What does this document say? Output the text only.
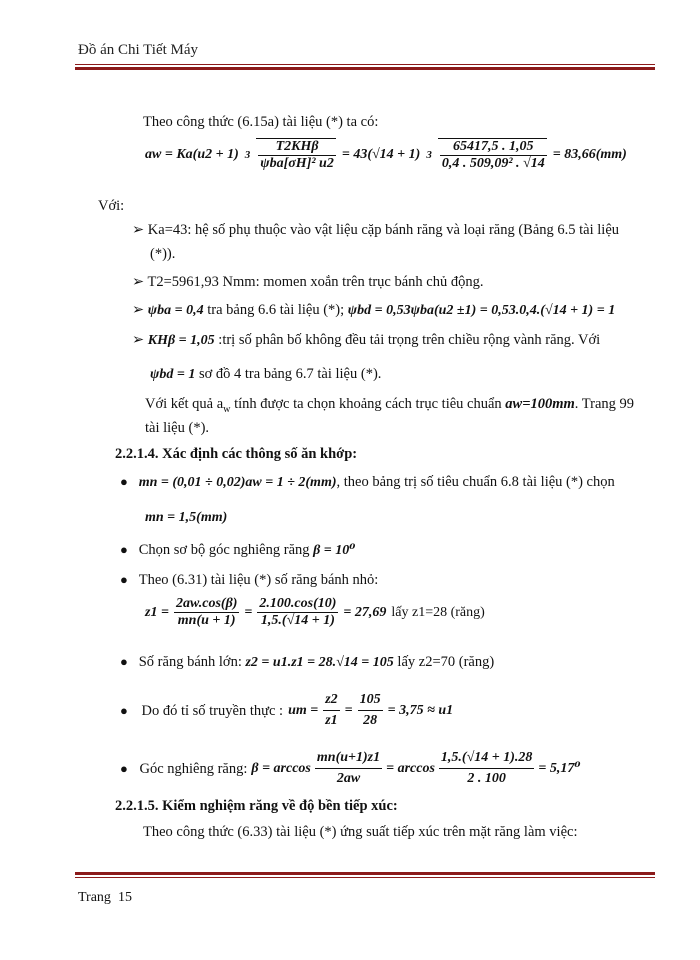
Đồ án Chi Tiết Máy
Theo công thức (6.15a) tài liệu (*) ta có:
aw = Ka(u2 + 1) $3 \frac{\text{T2KHβ}}{\text{ψba[σH]² u2}} = 43(√14 + 1)$ $3 \frac{65417,5 . 1,05}{\text{0,4 . 509,09² . √14}} = 83,66(mm)$
Với:
➢ Ka=43: hệ số phụ thuộc vào vật liệu cặp bánh răng và loại răng (Bảng 6.5 tài liệu
(*)).
➢ T2=5961,93 Nmm: momen xoắn trên trục bánh chủ động.
➢ ψba = 0,4 tra bảng 6.6 tài liệu (*); ψbd = 0,53ψba(u2 ±1) = 0,53.0,4.(√14 + 1) = 1
➢ KHβ = 1,05 :trị số phân bố không đều tải trọng trên chiều rộng vành răng. Với
ψbd = 1 sơ đồ 4 tra bảng 6.7 tài liệu (*).
Với kết quả $a_w$ tính được ta chọn khoảng cách trục tiêu chuẩn aw=100mm. Trang 99
tài liệu (*).
2.2.1.4. Xác định các thông số ăn khớp:
● mn = (0,01 ÷ 0,02)aw = 1 ÷ 2(mm), theo bảng trị số tiêu chuẩn 6.8 tài liệu (*) chọn
mn = 1,5(mm)
● Chọn sơ bộ góc nghiêng răng β = 10⁰
● Theo (6.31) tài liệu (*) số răng bánh nhỏ:
$z1 = \frac{2aw.\cos(\beta)}{mn(u + 1)} = \frac{2.100.\cos(10)}{1,5.(√14 + 1)} = 27,69$ lấy z1=28 (răng)
● Số răng bánh lớn: z2 = u1.z1 = 28.√14 = 105 lấy z2=70 (răng)
●
Do đó tỉ số truyền thực : um = $\frac{z2}{z1} = \frac{105}{28} = 3,75 \approx u1$
●
Góc nghiêng răng: $\beta = \arccos \frac{mn(u+1)z1}{2aw} = \arccos \frac{1,5.(√14 + 1).28}{2 . 100} = 5,17^0$
2.2.1.5. Kiểm nghiệm răng về độ bền tiếp xúc:
Theo công thức (6.33) tài liệu (*) ứng suất tiếp xúc trên mặt răng làm việc:
Trang 15
